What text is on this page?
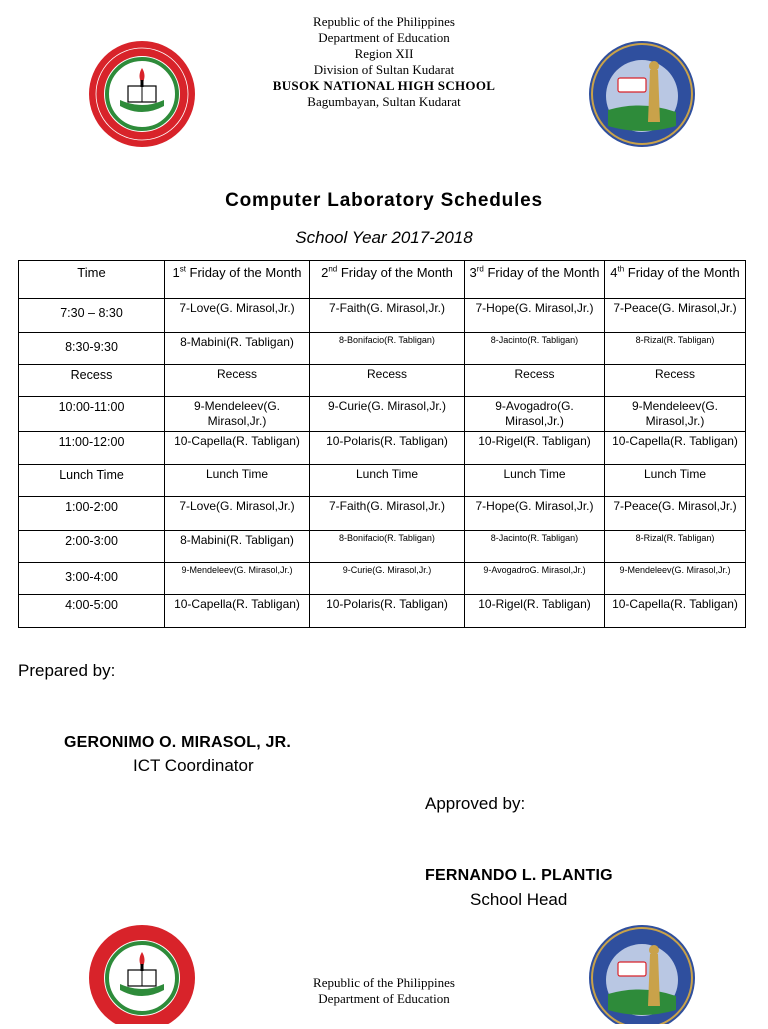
Republic of the Philippines
Department of Education
Region XII
Division of Sultan Kudarat
BUSOK NATIONAL HIGH SCHOOL
Bagumbayan, Sultan Kudarat
Computer Laboratory Schedules
School Year 2017-2018
Time	1st Friday of the Month	2nd Friday of the Month	3rd Friday of the Month	4th Friday of the Month
7:30 – 8:30	7-Love(G. Mirasol,Jr.)	7-Faith(G. Mirasol,Jr.)	7-Hope(G. Mirasol,Jr.)	7-Peace(G. Mirasol,Jr.)
8:30-9:30	8-Mabini(R. Tabligan)	8-Bonifacio(R. Tabligan)	8-Jacinto(R. Tabligan)	8-Rizal(R. Tabligan)
Recess	Recess	Recess	Recess	Recess
10:00-11:00	9-Mendeleev(G. Mirasol,Jr.)	9-Curie(G. Mirasol,Jr.)	9-Avogadro(G. Mirasol,Jr.)	9-Mendeleev(G. Mirasol,Jr.)
11:00-12:00	10-Capella(R. Tabligan)	10-Polaris(R. Tabligan)	10-Rigel(R. Tabligan)	10-Capella(R. Tabligan)
Lunch Time	Lunch Time	Lunch Time	Lunch Time	Lunch Time
1:00-2:00	7-Love(G. Mirasol,Jr.)	7-Faith(G. Mirasol,Jr.)	7-Hope(G. Mirasol,Jr.)	7-Peace(G. Mirasol,Jr.)
2:00-3:00	8-Mabini(R. Tabligan)	8-Bonifacio(R. Tabligan)	8-Jacinto(R. Tabligan)	8-Rizal(R. Tabligan)
3:00-4:00	9-Mendeleev(G. Mirasol,Jr.)	9-Curie(G. Mirasol,Jr.)	9-AvogadroG. Mirasol,Jr.)	9-Mendeleev(G. Mirasol,Jr.)
4:00-5:00	10-Capella(R. Tabligan)	10-Polaris(R. Tabligan)	10-Rigel(R. Tabligan)	10-Capella(R. Tabligan)
Prepared by:
GERONIMO O. MIRASOL, JR.
ICT Coordinator
Approved by:
FERNANDO L. PLANTIG
School Head
Republic of the Philippines
Department of Education
